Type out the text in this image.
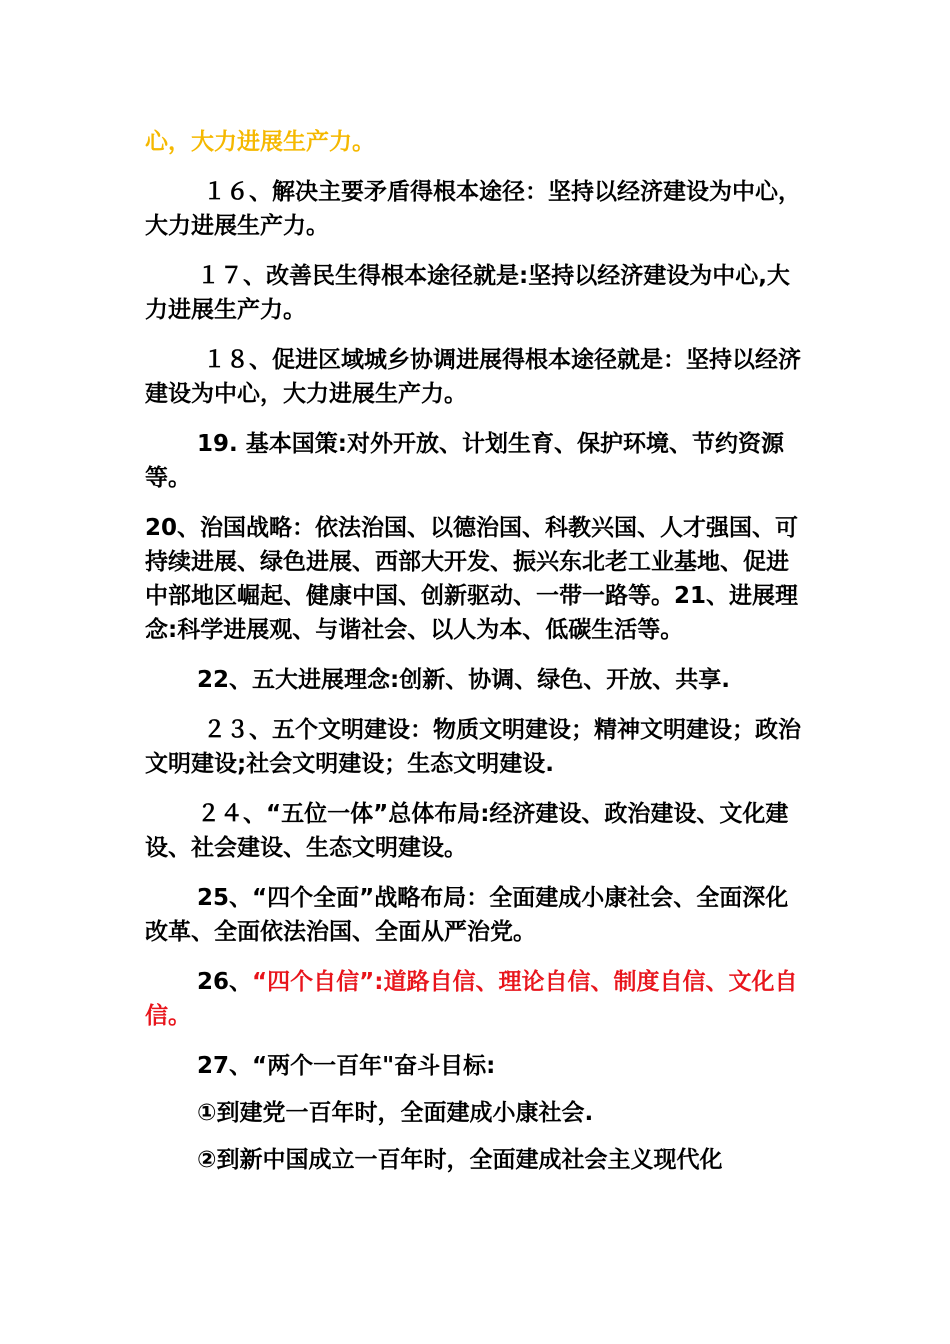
心，大力进展生产力。

１６、解决主要矛盾得根本途径：坚持以经济建设为中心，大力进展生产力。

１７、改善民生得根本途径就是:坚持以经济建设为中心,大力进展生产力。

１８、促进区域城乡协调进展得根本途径就是：坚持以经济建设为中心，大力进展生产力。

19. 基本国策:对外开放、计划生育、保护环境、节约资源等。

20、治国战略：依法治国、以德治国、科教兴国、人才强国、可持续进展、绿色进展、西部大开发、振兴东北老工业基地、促进中部地区崛起、健康中国、创新驱动、一带一路等。21、进展理念:科学进展观、与谐社会、以人为本、低碳生活等。

22、五大进展理念:创新、协调、绿色、开放、共享.

２３、五个文明建设：物质文明建设；精神文明建设；政治文明建设;社会文明建设；生态文明建设.

２４、“五位一体”总体布局:经济建设、政治建设、文化建设、社会建设、生态文明建设。

25、“四个全面”战略布局：全面建成小康社会、全面深化改革、全面依法治国、全面从严治党。

26、“四个自信”:道路自信、理论自信、制度自信、文化自信。

27、“两个一百年"奋斗目标:

①到建党一百年时，全面建成小康社会.

②到新中国成立一百年时，全面建成社会主义现代化
